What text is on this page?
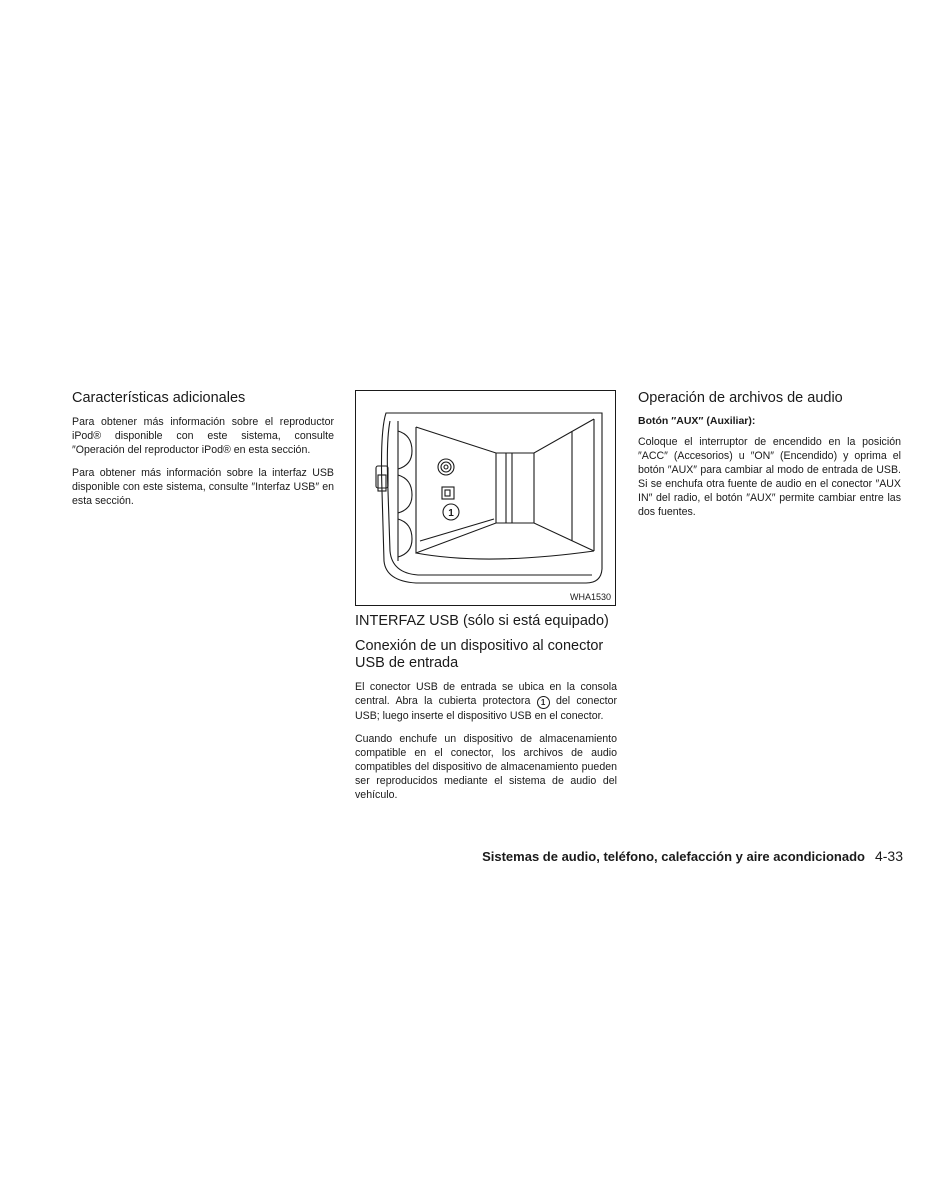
Características adicionales

Para obtener más información sobre el reproductor iPod® disponible con este sistema, consulte ″Operación del reproductor iPod® en esta sección.

Para obtener más información sobre la interfaz USB disponible con este sistema, consulte ″Interfaz USB″ en esta sección.

1
WHA1530
INTERFAZ USB (sólo si está equipado)
Conexión de un dispositivo al conector USB de entrada

El conector USB de entrada se ubica en la consola central. Abra la cubierta protectora 1 del conector USB; luego inserte el dispositivo USB en el conector.

Cuando enchufe un dispositivo de almacenamiento compatible en el conector, los archivos de audio compatibles del dispositivo de almacenamiento pueden ser reproducidos mediante el sistema de audio del vehículo.

Operación de archivos de audio
Botón ″AUX″ (Auxiliar):

Coloque el interruptor de encendido en la posición ″ACC″ (Accesorios) u ″ON″ (Encendido) y oprima el botón ″AUX″ para cambiar al modo de entrada de USB. Si se enchufa otra fuente de audio en el conector ″AUX IN″ del radio, el botón ″AUX″ permite cambiar entre las dos fuentes.

Sistemas de audio, teléfono, calefacción y aire acondicionado 4-33
